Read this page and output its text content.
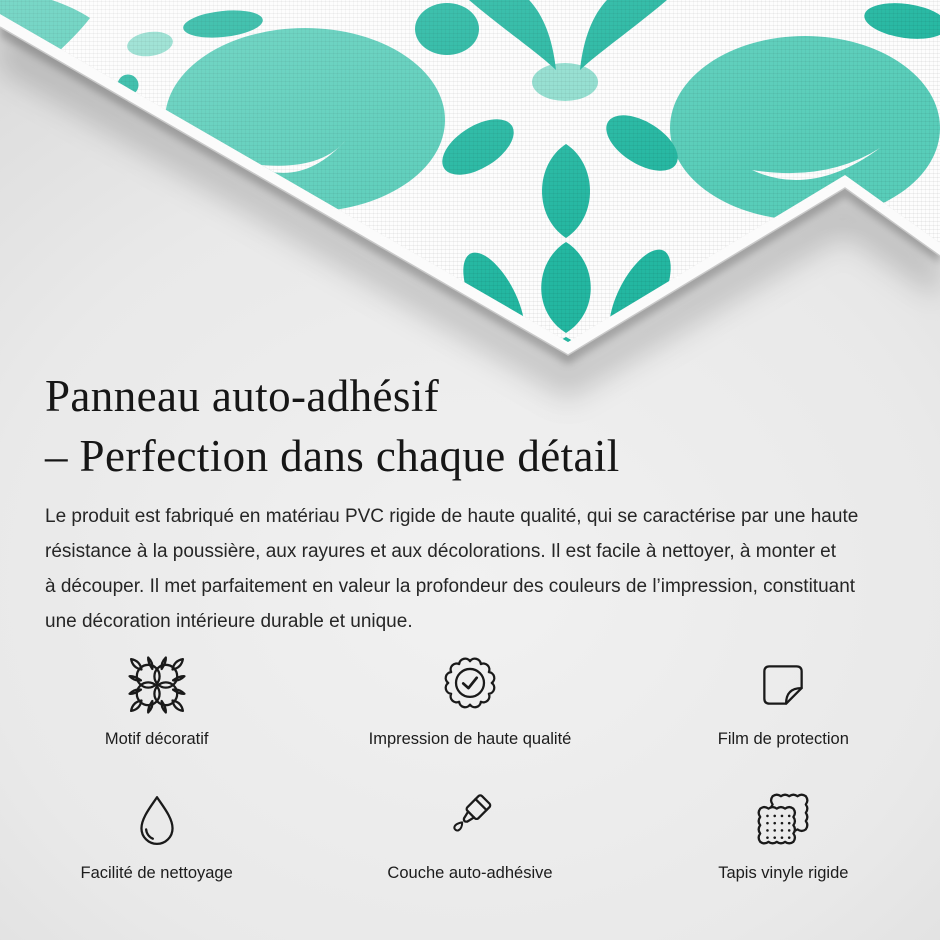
Panneau auto-adhésif
– Perfection dans chaque détail
Le produit est fabriqué en matériau PVC rigide de haute qualité, qui se caractérise par une haute
résistance à la poussière, aux rayures et aux décolorations. Il est facile à nettoyer, à monter et
à découper. Il met parfaitement en valeur la profondeur des couleurs de l’impression, constituant
une décoration intérieure durable et unique.
Motif décoratif	Impression de haute qualité	Film de protection
Facilité de nettoyage	Couche auto-adhésive	Tapis vinyle rigide
